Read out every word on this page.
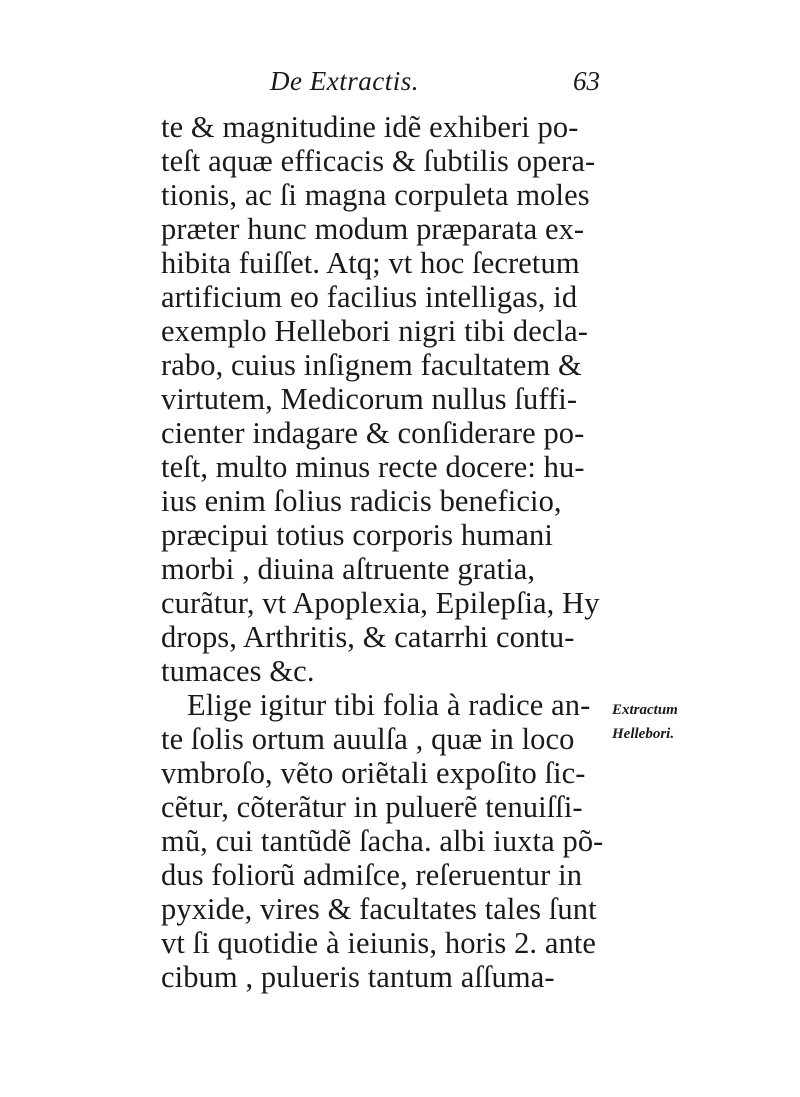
De Extractis.	63
te & magnitudine idẽ exhiberi po-
teſt aquæ efficacis & ſubtilis opera-
tionis, ac ſi magna corpuleta moles
præter hunc modum præparata ex-
hibita fuiſſet. Atq; vt hoc ſecretum
artificium eo facilius intelligas, id
exemplo Hellebori nigri tibi decla-
rabo, cuius inſignem facultatem &
virtutem, Medicorum nullus ſuffi-
cienter indagare & conſiderare po-
teſt, multo minus recte docere: hu-
ius enim ſolius radicis beneficio,
præcipui totius corporis humani
morbi , diuina aſtruente gratia,
curãtur, vt Apoplexia, Epilepſia, Hy
drops, Arthritis, & catarrhi contu-
tumaces &c.
Elige igitur tibi folia à radice an-
te ſolis ortum auulſa , quæ in loco
vmbroſo, vẽto oriẽtali expoſito ſic-
cẽtur, cõterãtur in puluerẽ tenuiſſi-
mũ, cui tantũdẽ ſacha. albi iuxta põ-
dus foliorũ admiſce, reſeruentur in
pyxide, vires & facultates tales ſunt
vt ſi quotidie à ieiunis, horis 2. ante
cibum , pulueris tantum aſſuma-
Extractum
Hellebori.
